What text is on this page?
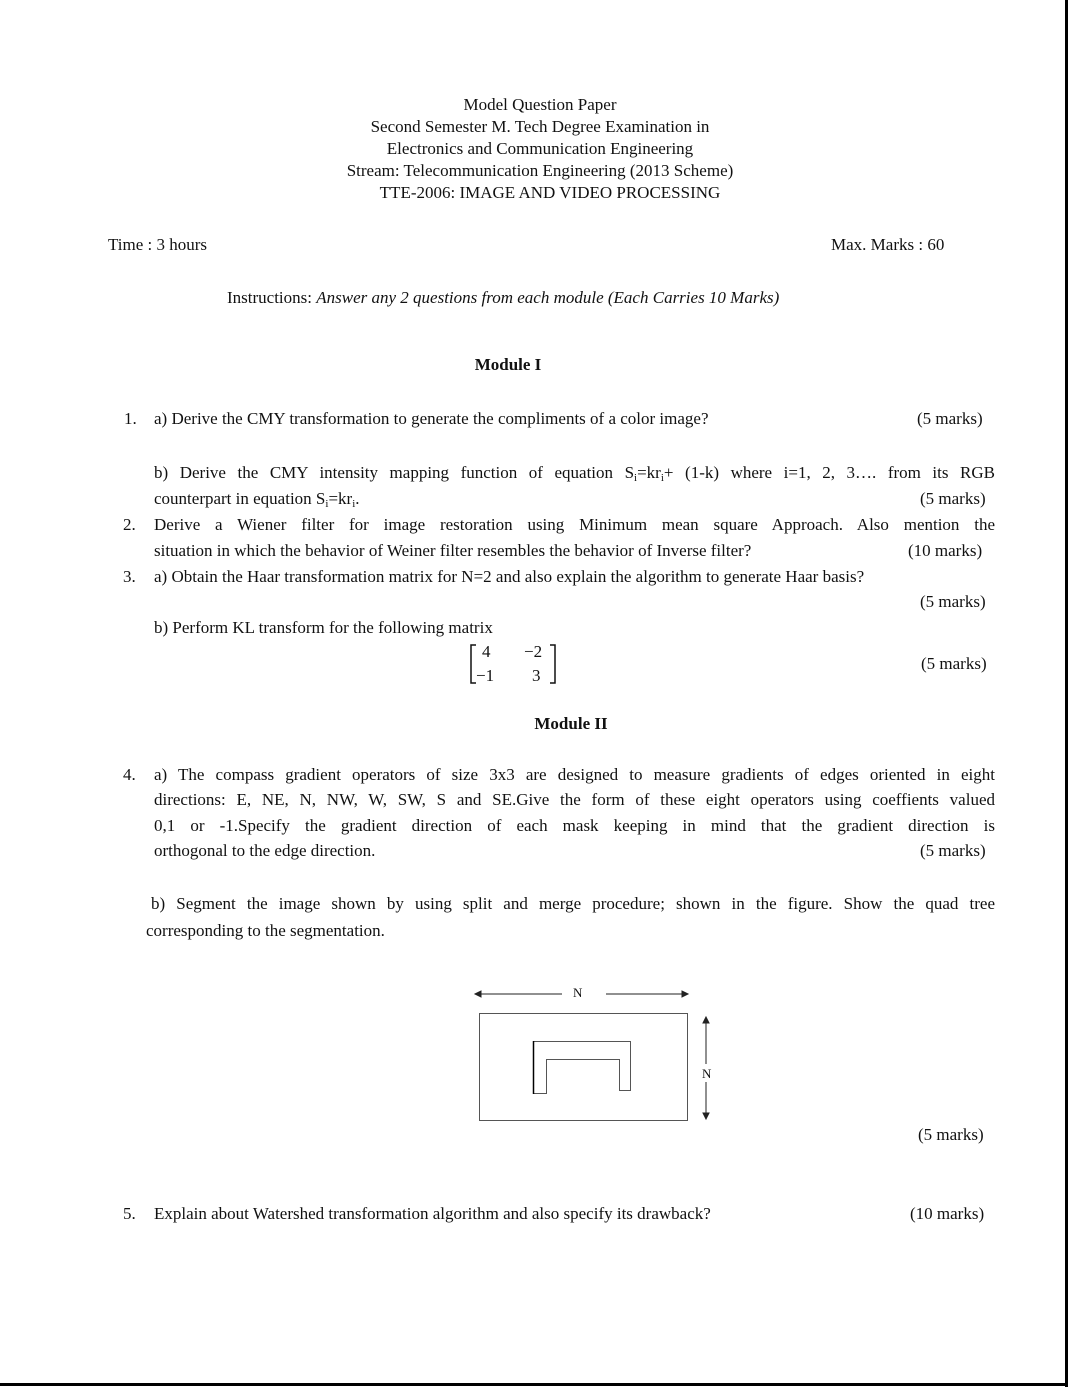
Model Question Paper
Second Semester M. Tech Degree Examination in
Electronics and Communication Engineering
Stream: Telecommunication Engineering (2013 Scheme)
TTE-2006: IMAGE AND VIDEO PROCESSING
Time : 3 hours	Max. Marks : 60
Instructions: Answer any 2 questions from each module (Each Carries 10 Marks)
Module I
1. a) Derive the CMY transformation to generate the compliments of a color image?	(5 marks)
b) Derive the CMY intensity mapping function of equation $S_i=kr_i+ (1-k)$ where i=1, 2, 3…. from its RGB
counterpart in equation $S_i=kr_i$.	(5 marks)
2. Derive a Wiener filter for image restoration using Minimum mean square Approach. Also mention the
situation in which the behavior of Weiner filter resembles the behavior of Inverse filter?	(10 marks)
3. a) Obtain the Haar transformation matrix for N=2 and also explain the algorithm to generate Haar basis?
(5 marks)
b) Perform KL transform for the following matrix
4 −2
−1 3
(5 marks)
Module II
4. a) The compass gradient operators of size 3x3 are designed to measure gradients of edges oriented in eight
directions: E, NE, N, NW, W, SW, S and SE.Give the form of these eight operators using coeffients valued
0,1 or -1.Specify the gradient direction of each mask keeping in mind that the gradient direction is
orthogonal to the edge direction.	(5 marks)
b) Segment the image shown by using split and merge procedure; shown in the figure. Show the quad tree
corresponding to the segmentation.
N
N
(5 marks)
5. Explain about Watershed transformation algorithm and also specify its drawback?	(10 marks)
